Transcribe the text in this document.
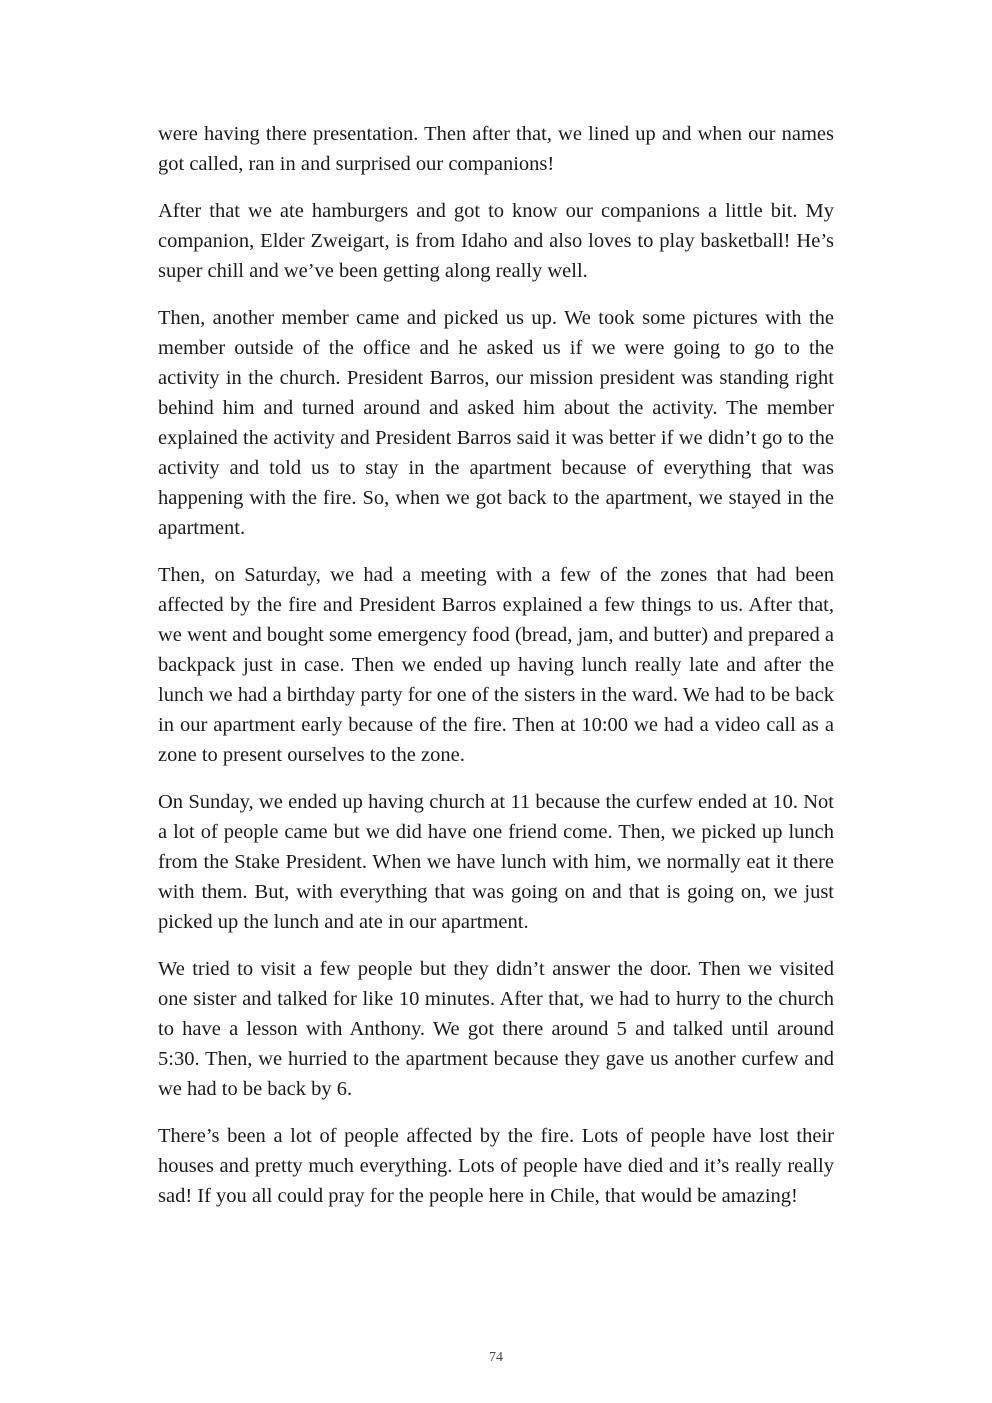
were having there presentation. Then after that, we lined up and when our names got called, ran in and surprised our companions!

After that we ate hamburgers and got to know our companions a little bit. My companion, Elder Zweigart, is from Idaho and also loves to play basketball! He’s super chill and we’ve been getting along really well.

Then, another member came and picked us up. We took some pictures with the member outside of the office and he asked us if we were going to go to the activity in the church. President Barros, our mission president was standing right behind him and turned around and asked him about the activity. The member explained the activity and President Barros said it was better if we didn’t go to the activity and told us to stay in the apartment because of everything that was happening with the fire. So, when we got back to the apartment, we stayed in the apartment.

Then, on Saturday, we had a meeting with a few of the zones that had been affected by the fire and President Barros explained a few things to us. After that, we went and bought some emergency food (bread, jam, and butter) and prepared a backpack just in case. Then we ended up having lunch really late and after the lunch we had a birthday party for one of the sisters in the ward. We had to be back in our apartment early because of the fire. Then at 10:00 we had a video call as a zone to present ourselves to the zone.

On Sunday, we ended up having church at 11 because the curfew ended at 10. Not a lot of people came but we did have one friend come. Then, we picked up lunch from the Stake President. When we have lunch with him, we normally eat it there with them. But, with everything that was going on and that is going on, we just picked up the lunch and ate in our apartment.

We tried to visit a few people but they didn’t answer the door. Then we visited one sister and talked for like 10 minutes. After that, we had to hurry to the church to have a lesson with Anthony. We got there around 5 and talked until around 5:30. Then, we hurried to the apartment because they gave us another curfew and we had to be back by 6.

There’s been a lot of people affected by the fire. Lots of people have lost their houses and pretty much everything. Lots of people have died and it’s really really sad! If you all could pray for the people here in Chile, that would be amazing!

74
